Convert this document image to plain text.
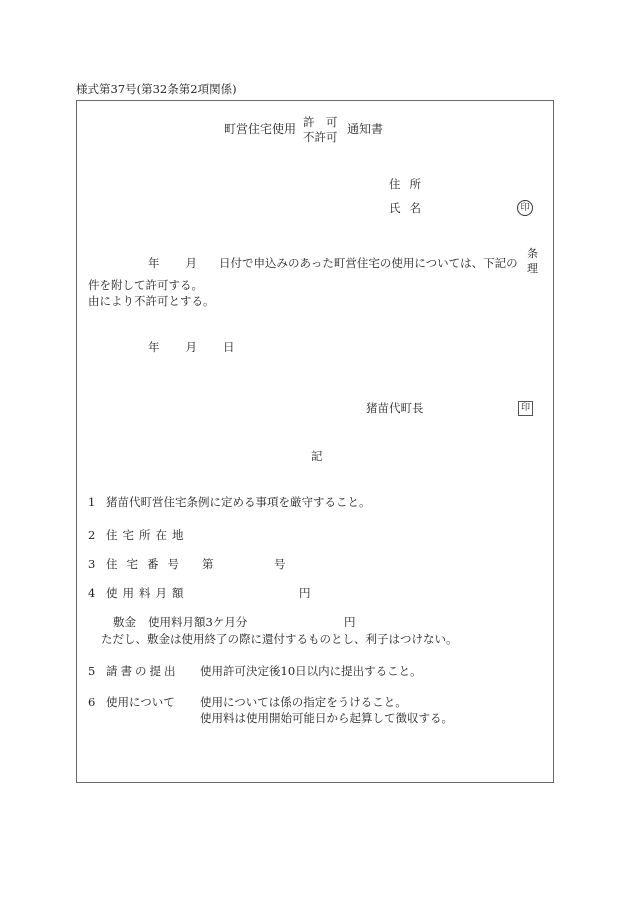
様式第37号(第32条第2項関係)
町営住宅使用 許　可
不許可
通知書
住所
氏名	印
年 月 日付で申込みのあった町営住宅の使用については、下記の
条
理
件を附して許可する。
由により不許可とする。
年 月 日
猪苗代町長	印
記
1 猪苗代町営住宅条例に定める事項を厳守すること。
2 住宅所在地
3 住宅番号 第	号
4 使用料月額	円
敷金 使用料月額3ケ月分	円
ただし、敷金は使用終了の際に還付するものとし、利子はつけない。
5 請書の提出 使用許可決定後10日以内に提出すること。
6 使用について 使用については係の指定をうけること。
使用料は使用開始可能日から起算して徴収する。
